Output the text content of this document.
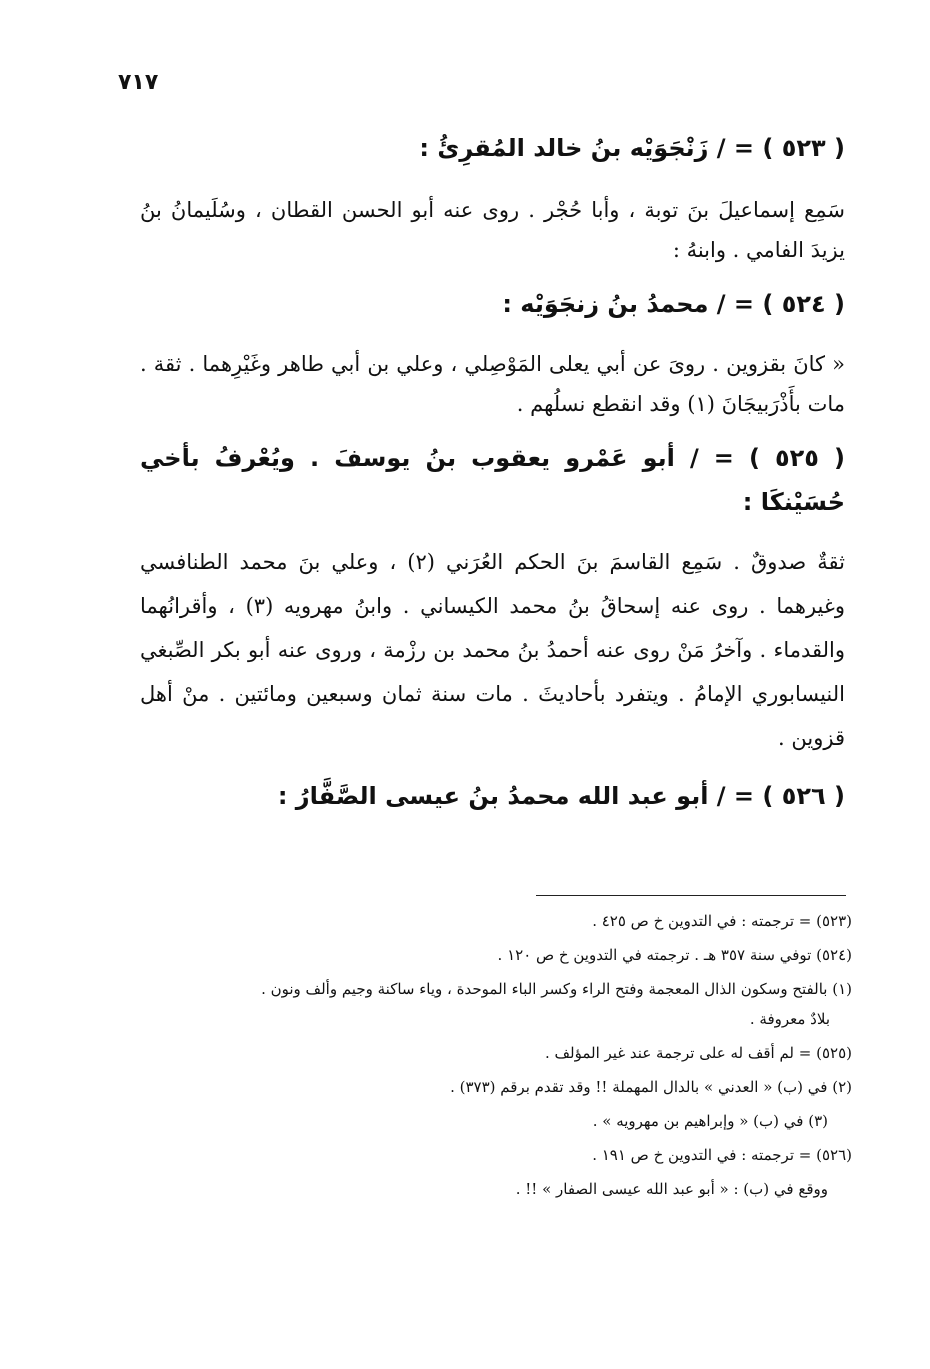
٧١٧

( ٥٢٣ ) = / زَنْجَوَيْه بنُ خالد المُقرِئُ :

سَمِع إسماعيلَ بنَ توبة ، وأبا حُجْر . روى عنه أبو الحسن القطان ، وسُلَيمانُ بنُ يزيدَ الفامي . وابنهُ :

( ٥٢٤ ) = / محمدُ بنُ زنجَوَيْه :

« كانَ بقزوين . روىَ عن أبي يعلى المَوْصِلي ، وعلي بن أبي طاهر وغَيْرِهما . ثقة . مات بأَذْرَبيجَانَ (١) وقد انقطع نسلُهم .

( ٥٢٥ ) = / أبو عَمْرو يعقوب بنُ يوسفَ . ويُعْرفُ بأخي حُسَيْنكَا :

ثقةٌ صدوقٌ . سَمِع القاسمَ بنَ الحكم العُرَني (٢) ، وعلي بنَ محمد الطنافسي وغيرهما . روى عنه إسحاقُ بنُ محمد الكيساني . وابنُ مهرويه (٣) ، وأقرانُهما والقدماء . وآخرُ مَنْ روى عنه أحمدُ بنُ محمد بن رزْمة ، وروى عنه أبو بكر الصِّبغي النيسابوري الإمامُ . ويتفرد بأحاديثَ . مات سنة ثمان وسبعين ومائتين . منْ أهل قزوين .

( ٥٢٦ ) = / أبو عبد الله محمدُ بنُ عيسى الصَّفَّارُ :

(٥٢٣) = ترجمته : في التدوين خ ص ٤٢٥ .

(٥٢٤) توفي سنة ٣٥٧ هـ . ترجمته في التدوين خ ص ١٢٠ .

(١) بالفتح وسكون الذال المعجمة وفتح الراء وكسر الباء الموحدة ، وياء ساكنة وجيم وألف ونون .

بلادٌ معروفة .

(٥٢٥) = لم أقف له على ترجمة عند غير المؤلف .

(٢) في (ب) « العدني » بالدال المهملة !! وقد تقدم برقم (٣٧٣) .

(٣) في (ب) « وإبراهيم بن مهرويه » .

(٥٢٦) = ترجمته : في التدوين خ ص ١٩١ .

ووقع في (ب) : « أبو عبد الله عيسى الصفار » !! .
